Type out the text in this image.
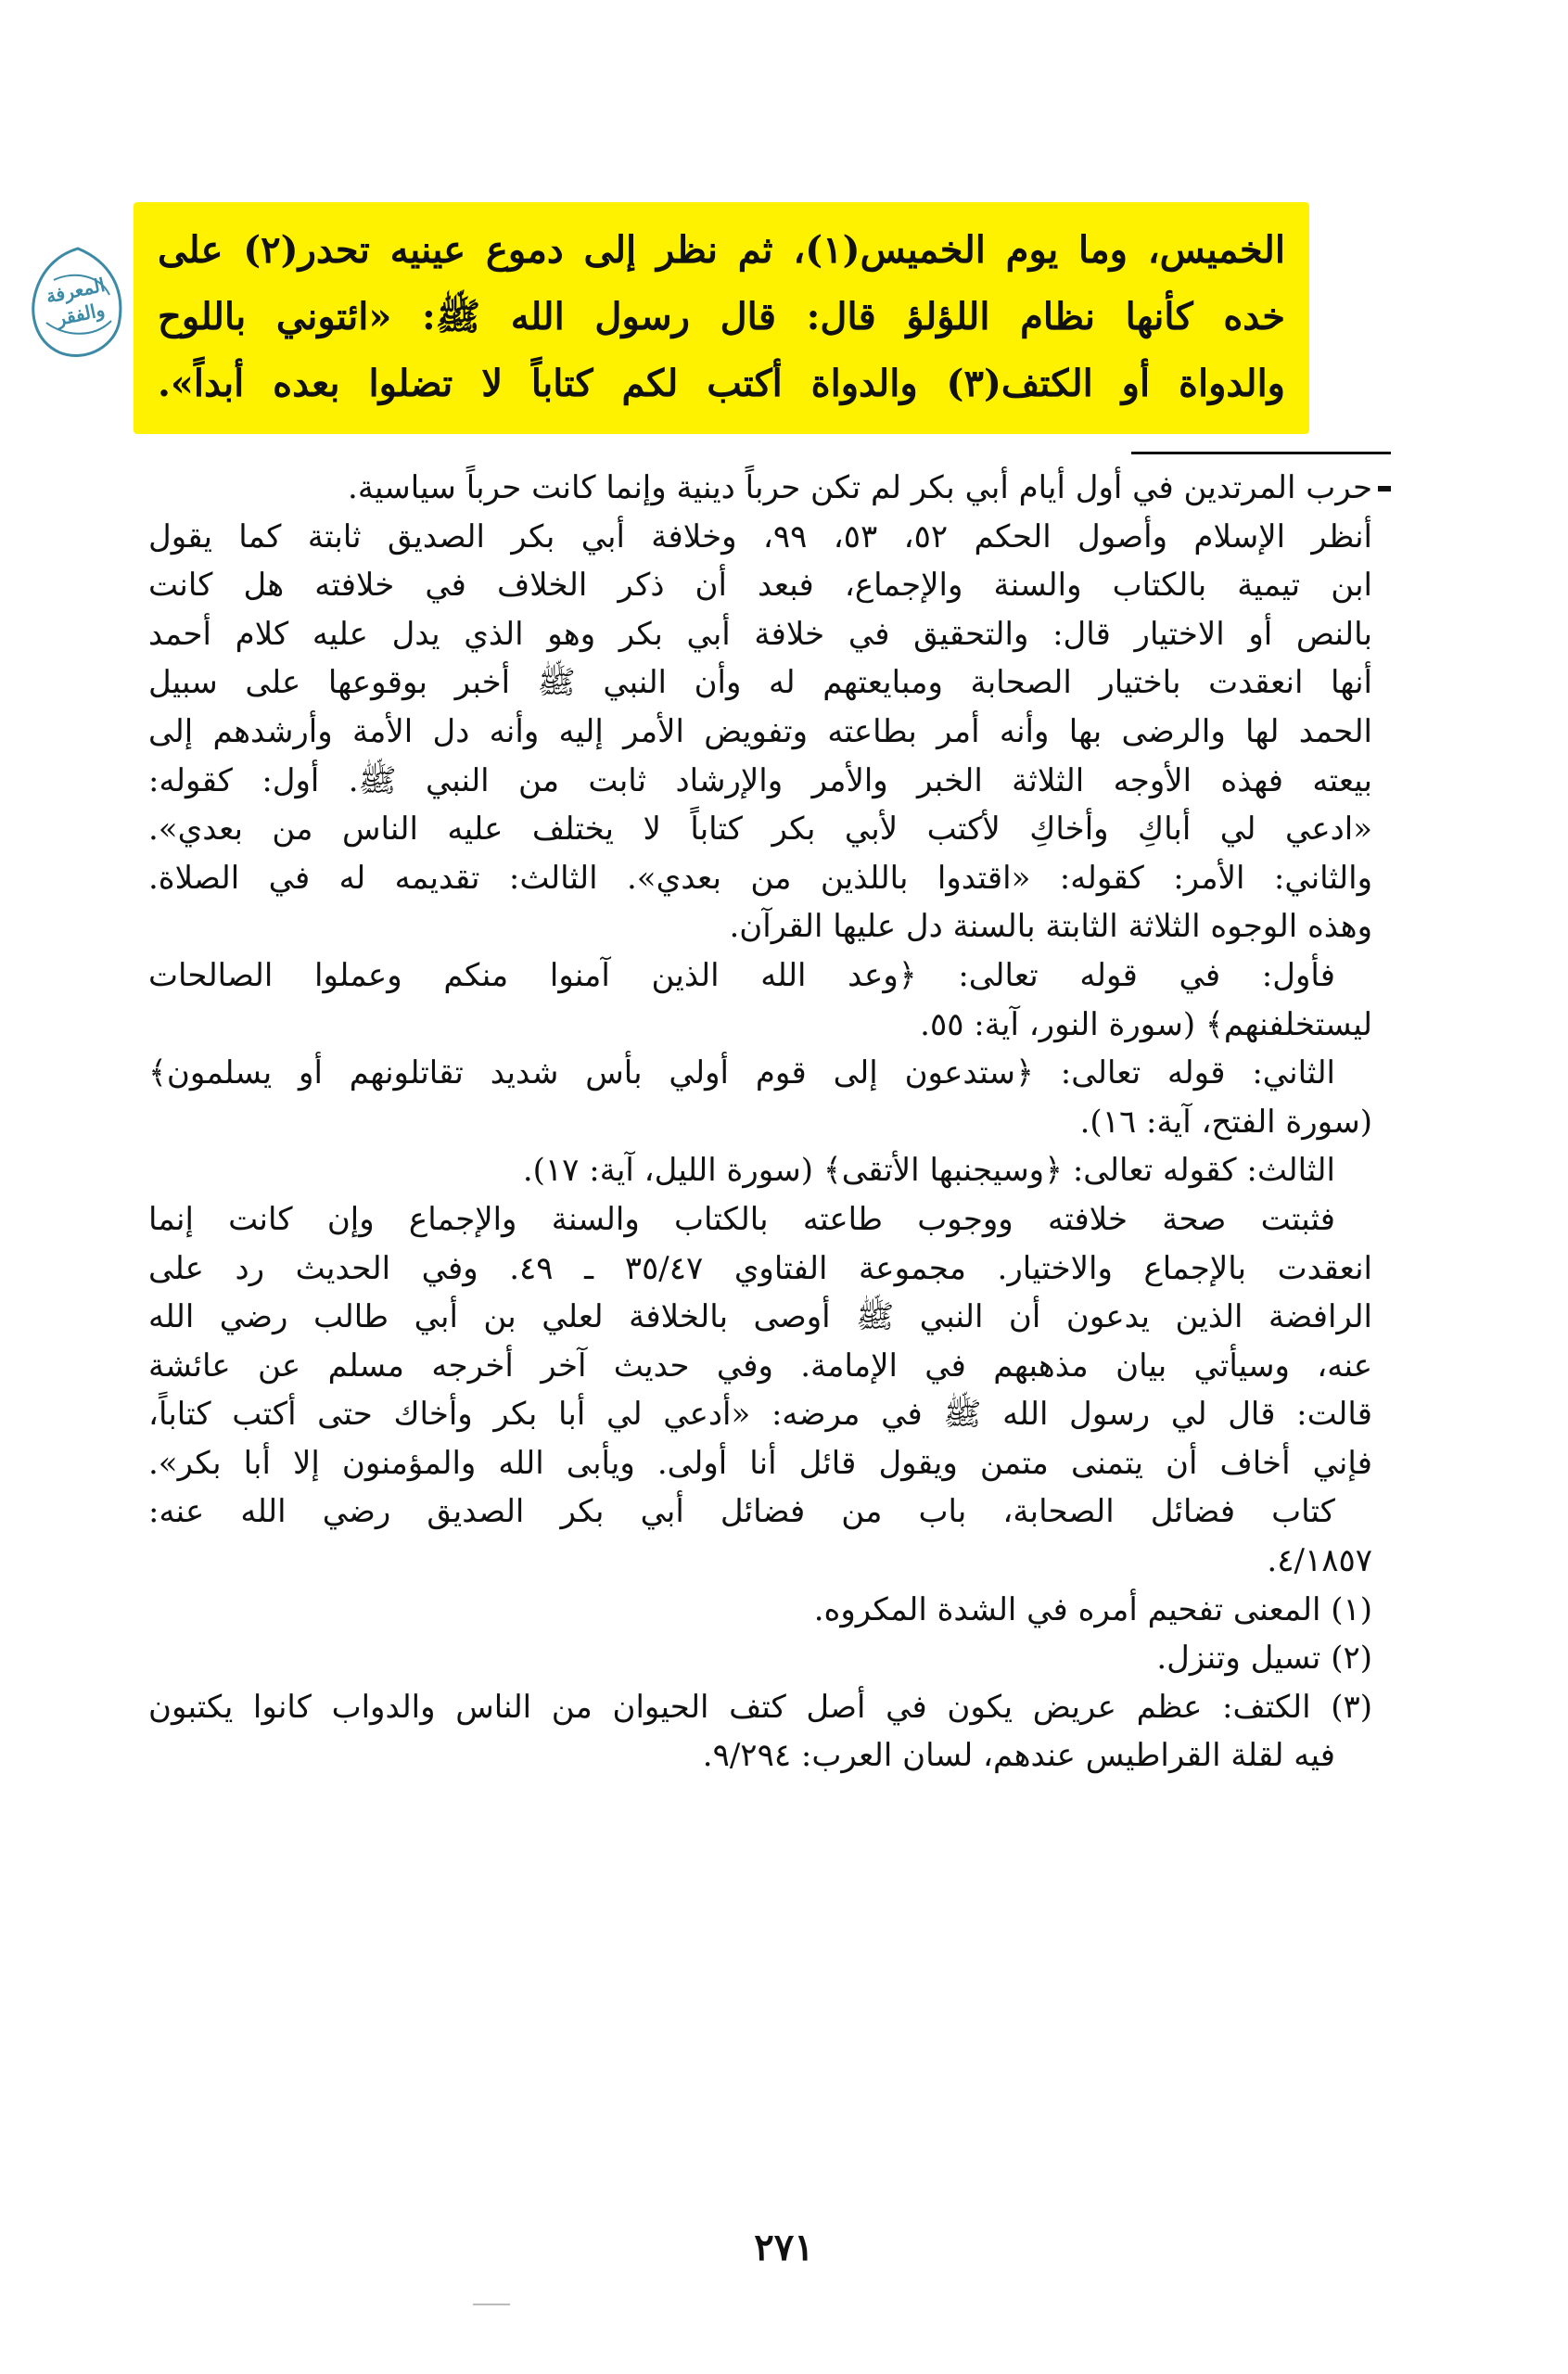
المعرفة والفقر
الخميس، وما يوم الخميس(١)، ثم نظر إلى دموع عينيه تحدر(٢) على
خده كأنها نظام اللؤلؤ قال: قال رسول الله ﷺ: «ائتوني باللوح
والدواة أو الكتف(٣) والدواة أكتب لكم كتاباً لا تضلوا بعده أبداً».
حرب المرتدين في أول أيام أبي بكر لم تكن حرباً دينية وإنما كانت حرباً سياسية.
أنظر الإسلام وأصول الحكم ٥٢، ٥٣، ٩٩، وخلافة أبي بكر الصديق ثابتة كما يقول
ابن تيمية بالكتاب والسنة والإجماع، فبعد أن ذكر الخلاف في خلافته هل كانت
بالنص أو الاختيار قال: والتحقيق في خلافة أبي بكر وهو الذي يدل عليه كلام أحمد
أنها انعقدت باختيار الصحابة ومبايعتهم له وأن النبي ﷺ أخبر بوقوعها على سبيل
الحمد لها والرضى بها وأنه أمر بطاعته وتفويض الأمر إليه وأنه دل الأمة وأرشدهم إلى
بيعته فهذه الأوجه الثلاثة الخبر والأمر والإرشاد ثابت من النبي ﷺ. أول: كقوله:
«ادعي لي أباكِ وأخاكِ لأكتب لأبي بكر كتاباً لا يختلف عليه الناس من بعدي».
والثاني: الأمر: كقوله: «اقتدوا باللذين من بعدي». الثالث: تقديمه له في الصلاة.
وهذه الوجوه الثلاثة الثابتة بالسنة دل عليها القرآن.
فأول: في قوله تعالى: ﴿وعد الله الذين آمنوا منكم وعملوا الصالحات
ليستخلفنهم﴾ (سورة النور، آية: ٥٥.
الثاني: قوله تعالى: ﴿ستدعون إلى قوم أولي بأس شديد تقاتلونهم أو يسلمون﴾
(سورة الفتح، آية: ١٦).
الثالث: كقوله تعالى: ﴿وسيجنبها الأتقى﴾ (سورة الليل، آية: ١٧).
فثبتت صحة خلافته ووجوب طاعته بالكتاب والسنة والإجماع وإن كانت إنما
انعقدت بالإجماع والاختيار. مجموعة الفتاوي ٣٥/٤٧ ـ ٤٩. وفي الحديث رد على
الرافضة الذين يدعون أن النبي ﷺ أوصى بالخلافة لعلي بن أبي طالب رضي الله
عنه، وسيأتي بيان مذهبهم في الإمامة. وفي حديث آخر أخرجه مسلم عن عائشة
قالت: قال لي رسول الله ﷺ في مرضه: «أدعي لي أبا بكر وأخاك حتى أكتب كتاباً،
فإني أخاف أن يتمنى متمن ويقول قائل أنا أولى. ويأبى الله والمؤمنون إلا أبا بكر».
كتاب فضائل الصحابة، باب من فضائل أبي بكر الصديق رضي الله عنه:
٤/١٨٥٧.
(١) المعنى تفحيم أمره في الشدة المكروه.
(٢) تسيل وتنزل.
(٣) الكتف: عظم عريض يكون في أصل كتف الحيوان من الناس والدواب كانوا يكتبون
فيه لقلة القراطيس عندهم، لسان العرب: ٩/٢٩٤.
٢٧١
